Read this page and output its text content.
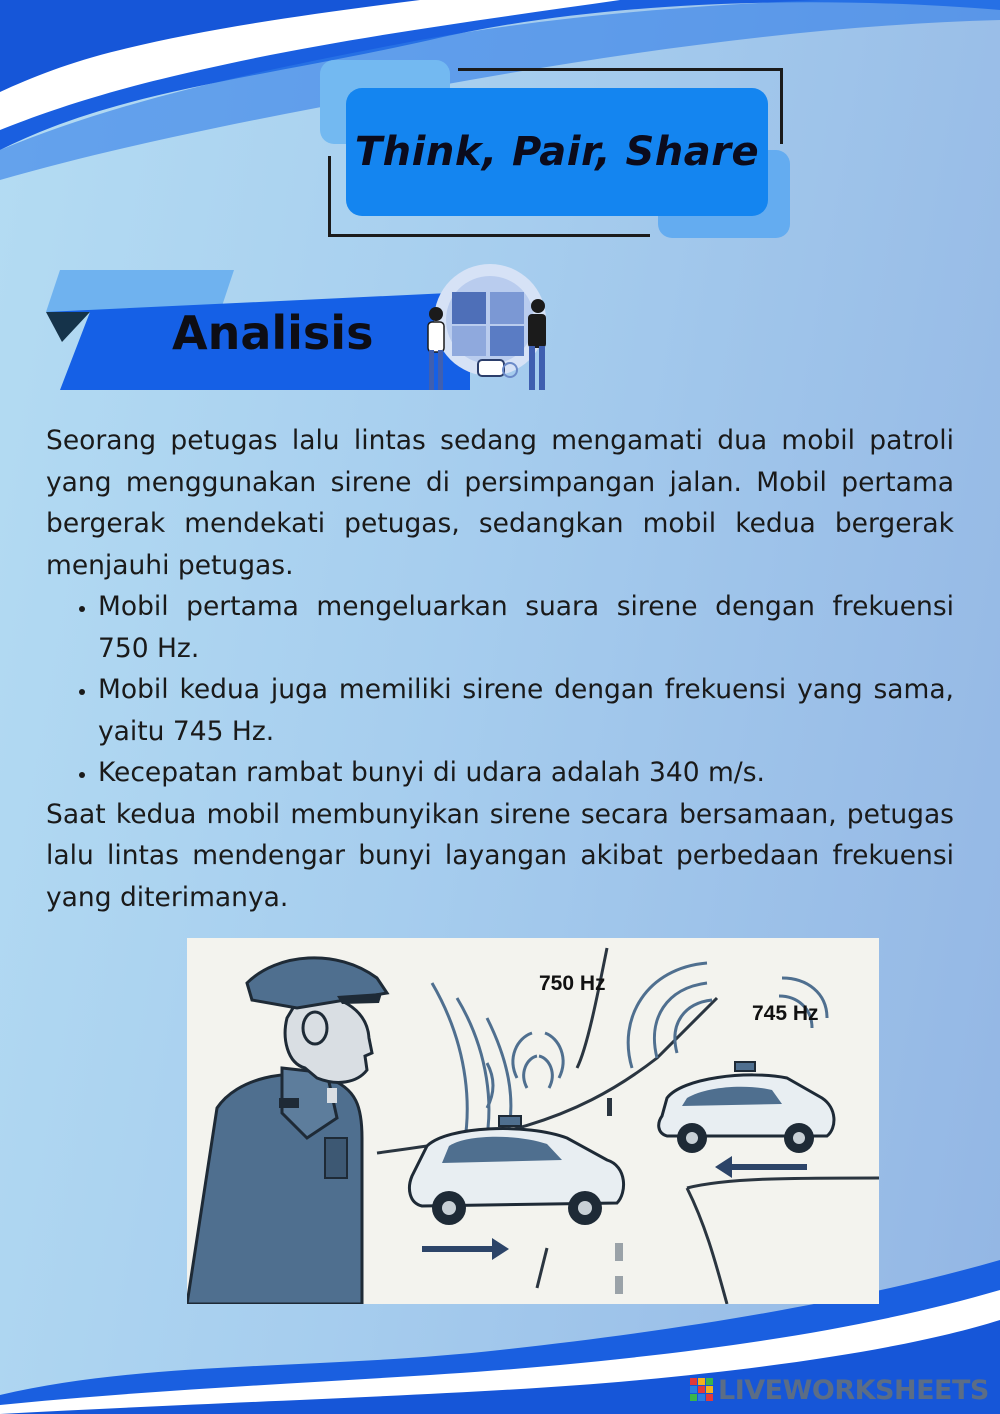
Think, Pair, Share
Analisis

Seorang petugas lalu lintas sedang mengamati dua mobil patroli yang menggunakan sirene di persimpangan jalan. Mobil pertama bergerak mendekati petugas, sedangkan mobil kedua bergerak menjauhi petugas.

• Mobil pertama mengeluarkan suara sirene dengan frekuensi 750 Hz.
• Mobil kedua juga memiliki sirene dengan frekuensi yang sama, yaitu 745 Hz.
• Kecepatan rambat bunyi di udara adalah 340 m/s.

Saat kedua mobil membunyikan sirene secara bersamaan, petugas lalu lintas mendengar bunyi layangan akibat perbedaan frekuensi yang diterimanya.

750 Hz
745 Hz
LIVEWORKSHEETS
